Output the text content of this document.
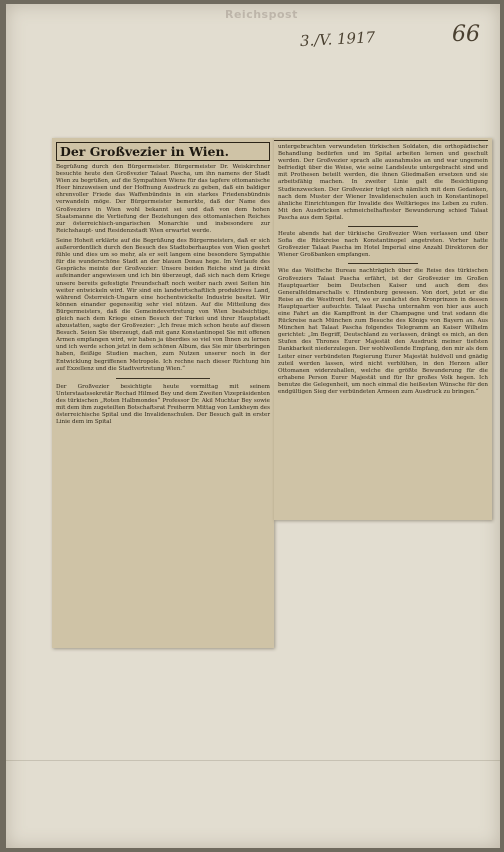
Reichspost
3./V. 1917	66
Der Großvezier in Wien.

Begrüßung durch den Bürgermeister. Bürgermeister Dr. Weiskirchner besuchte heute den Großvezier Talaat Pascha, um ihn namens der Stadt Wien zu begrüßen, auf die Sympathien Wiens für das tapfere ottomanische Heer hinzuweisen und der Hoffnung Ausdruck zu geben, daß ein baldiger ehrenvoller Friede das Waffenbündnis in ein starkes Friedensbündnis verwandeln möge. Der Bürgermeister bemerkte, daß der Name des Großveziers in Wien wohl bekannt sei und daß von dem hohen Staatsmanne die Vertiefung der Beziehungen des ottomanischen Reiches zur österreichisch-ungarischen Monarchie und insbesondere zur Reichshaupt- und Residenzstadt Wien erwartet werde.

Seine Hoheit erklärte auf die Begrüßung des Bürgermeisters, daß er sich außerordentlich durch den Besuch des Stadtoberhauptes von Wien geehrt fühle und dies um so mehr, als er seit langem eine besondere Sympathie für die wunderschöne Stadt an der blauen Donau hege. Im Verlaufe des Gesprächs meinte der Großvezier: Unsere beiden Reiche sind ja direkt aufeinander angewiesen und ich bin überzeugt, daß sich nach dem Kriege unsere bereits gefestigte Freundschaft noch weiter nach zwei Seiten hin weiter entwickeln wird. Wir sind ein landwirtschaftlich produktives Land, während Österreich-Ungarn eine hochentwickelte Industrie besitzt. Wir können einander gegenseitig sehr viel nützen. Auf die Mitteilung des Bürgermeisters, daß die Gemeindevertretung von Wien beabsichtige, gleich nach dem Kriege einen Besuch der Türkei und ihrer Hauptstadt abzustatten, sagte der Großvezier: „Ich freue mich schon heute auf diesen Besuch. Seien Sie überzeugt, daß mit ganz Konstantinopel Sie mit offenen Armen empfangen wird, wir haben ja überdies so viel von Ihnen zu lernen und ich werde schon jetzt in dem schönen Album, das Sie mir überbringen haben, fleißige Studien machen, zum Nutzen unserer noch in der Entwicklung begriffenen Metropole. Ich rechne nach dieser Richtung hin auf Exzellenz und die Stadtvertretung Wien.“

Der Großvezier besichtigte heute vormittag mit seinem Unterstaatssekretär Rechad Hilmed Bey und dem Zweiten Vizepräsidenten des türkischen „Roten Halbmondes“ Professor Dr. Akil Muchtar Bey sowie mit dem ihm zugeteilten Botschaftsrat Freiherrn Mittag von Lenkheym des österreichische Spital und die Invalidenschulen. Der Besuch galt in erster Linie dem im Spital

untergebrachten verwundeten türkischen Soldaten, die orthopädischer Behandlung bedürfen und im Spital arbeiten lernen und geschult werden. Der Großvezier sprach alle ausnahmslos an und war ungemein befriedigt über die Weise, wie seine Landsleute untergebracht sind und mit Prothesen beteilt werden, die ihnen Gliedmaßen ersetzen und sie arbeitsfähig machen. In zweiter Linie galt die Besichtigung Studienzwecken. Der Großvezier trägt sich nämlich mit dem Gedanken, nach dem Muster der Wiener Invalidenschulen auch in Konstantinopel ähnliche Einrichtungen für Invalide des Weltkrieges ins Leben zu rufen. Mit den Ausdrücken schmeichelhaftester Bewunderung schied Talaat Pascha aus dem Spital.

Heute abends hat der türkische Großvezier Wien verlassen und über Sofia die Rückreise nach Konstantinopel angetreten. Vorher hatte Großvezier Talaat Pascha im Hotel Imperial eine Anzahl Direktoren der Wiener Großbanken empfangen.

Wie das Wolffsche Bureau nachträglich über die Reise des türkischen Großveziers Talaat Pascha erfährt, ist der Großvezier im Großen Hauptquartier beim Deutschen Kaiser und auch dem des Generalfeldmarschalls v. Hindenburg gewesen. Von dort, jetzt er die Reise an die Westfront fort, wo er zunächst den Kronprinzen in dessen Hauptquartier aufsuchte. Talaat Pascha unternahm von hier aus auch eine Fahrt an die Kampffront in der Champagne und trat sodann die Rückreise nach München zum Besuche des Königs von Bayern an. Aus München hat Talaat Pascha folgendes Telegramm an Kaiser Wilhelm gerichtet: „Im Begriff, Deutschland zu verlassen, drängt es mich, an den Stufen des Thrones Eurer Majestät den Ausdruck meiner tiefsten Dankbarkeit niederzulegen. Der wohlwollende Empfang, den mir als dem Leiter einer verbündeten Regierung Eurer Majestät huldvoll und gnädig zuteil werden lassen, wird nicht verblühen, in den Herzen aller Ottomanen widerzuhallen, welche die größte Bewunderung für die erhabene Person Eurer Majestät und für Ihr großes Volk hegen. Ich benutze die Gelegenheit, um noch einmal die heißesten Wünsche für den endgültigen Sieg der verbündeten Armeen zum Ausdruck zu bringen.“
